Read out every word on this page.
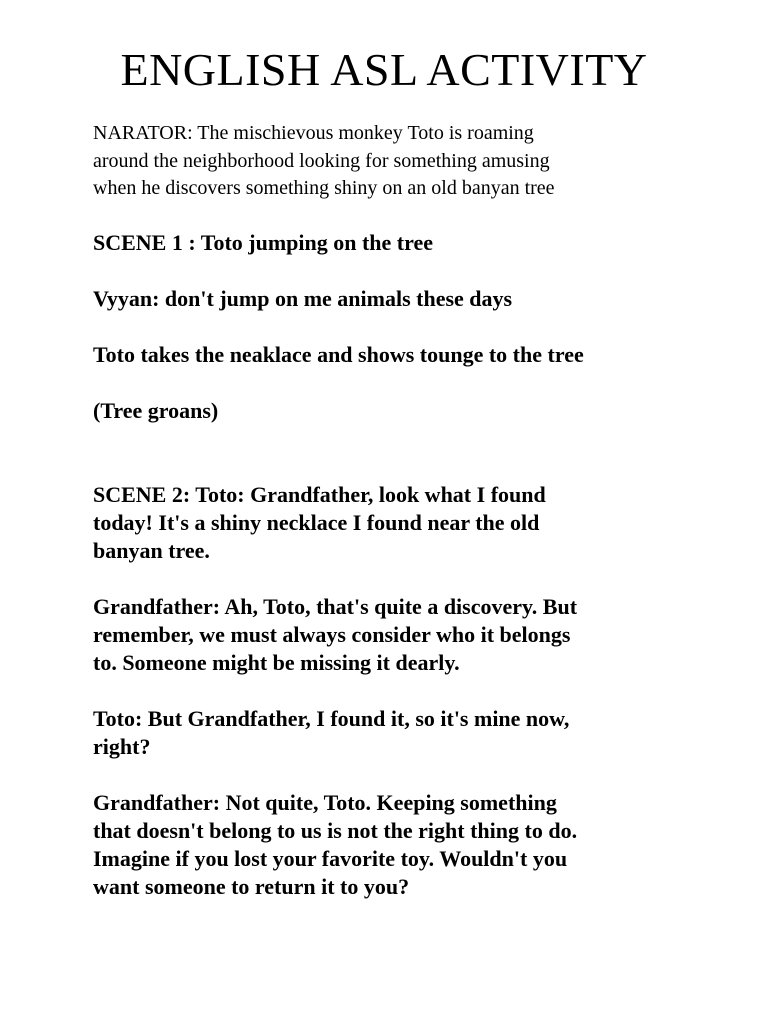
ENGLISH ASL ACTIVITY
NARATOR: The mischievous monkey Toto is roaming
around the neighborhood looking for something amusing
when he discovers something shiny on an old banyan tree
SCENE 1 : Toto jumping on the tree
Vyyan: don't jump on me animals these days
Toto takes the neaklace and shows tounge to the tree
(Tree groans)
SCENE 2: Toto: Grandfather, look what I found
today! It's a shiny necklace I found near the old
banyan tree.
Grandfather: Ah, Toto, that's quite a discovery. But
remember, we must always consider who it belongs
to. Someone might be missing it dearly.
Toto: But Grandfather, I found it, so it's mine now,
right?
Grandfather: Not quite, Toto. Keeping something
that doesn't belong to us is not the right thing to do.
Imagine if you lost your favorite toy. Wouldn't you
want someone to return it to you?
